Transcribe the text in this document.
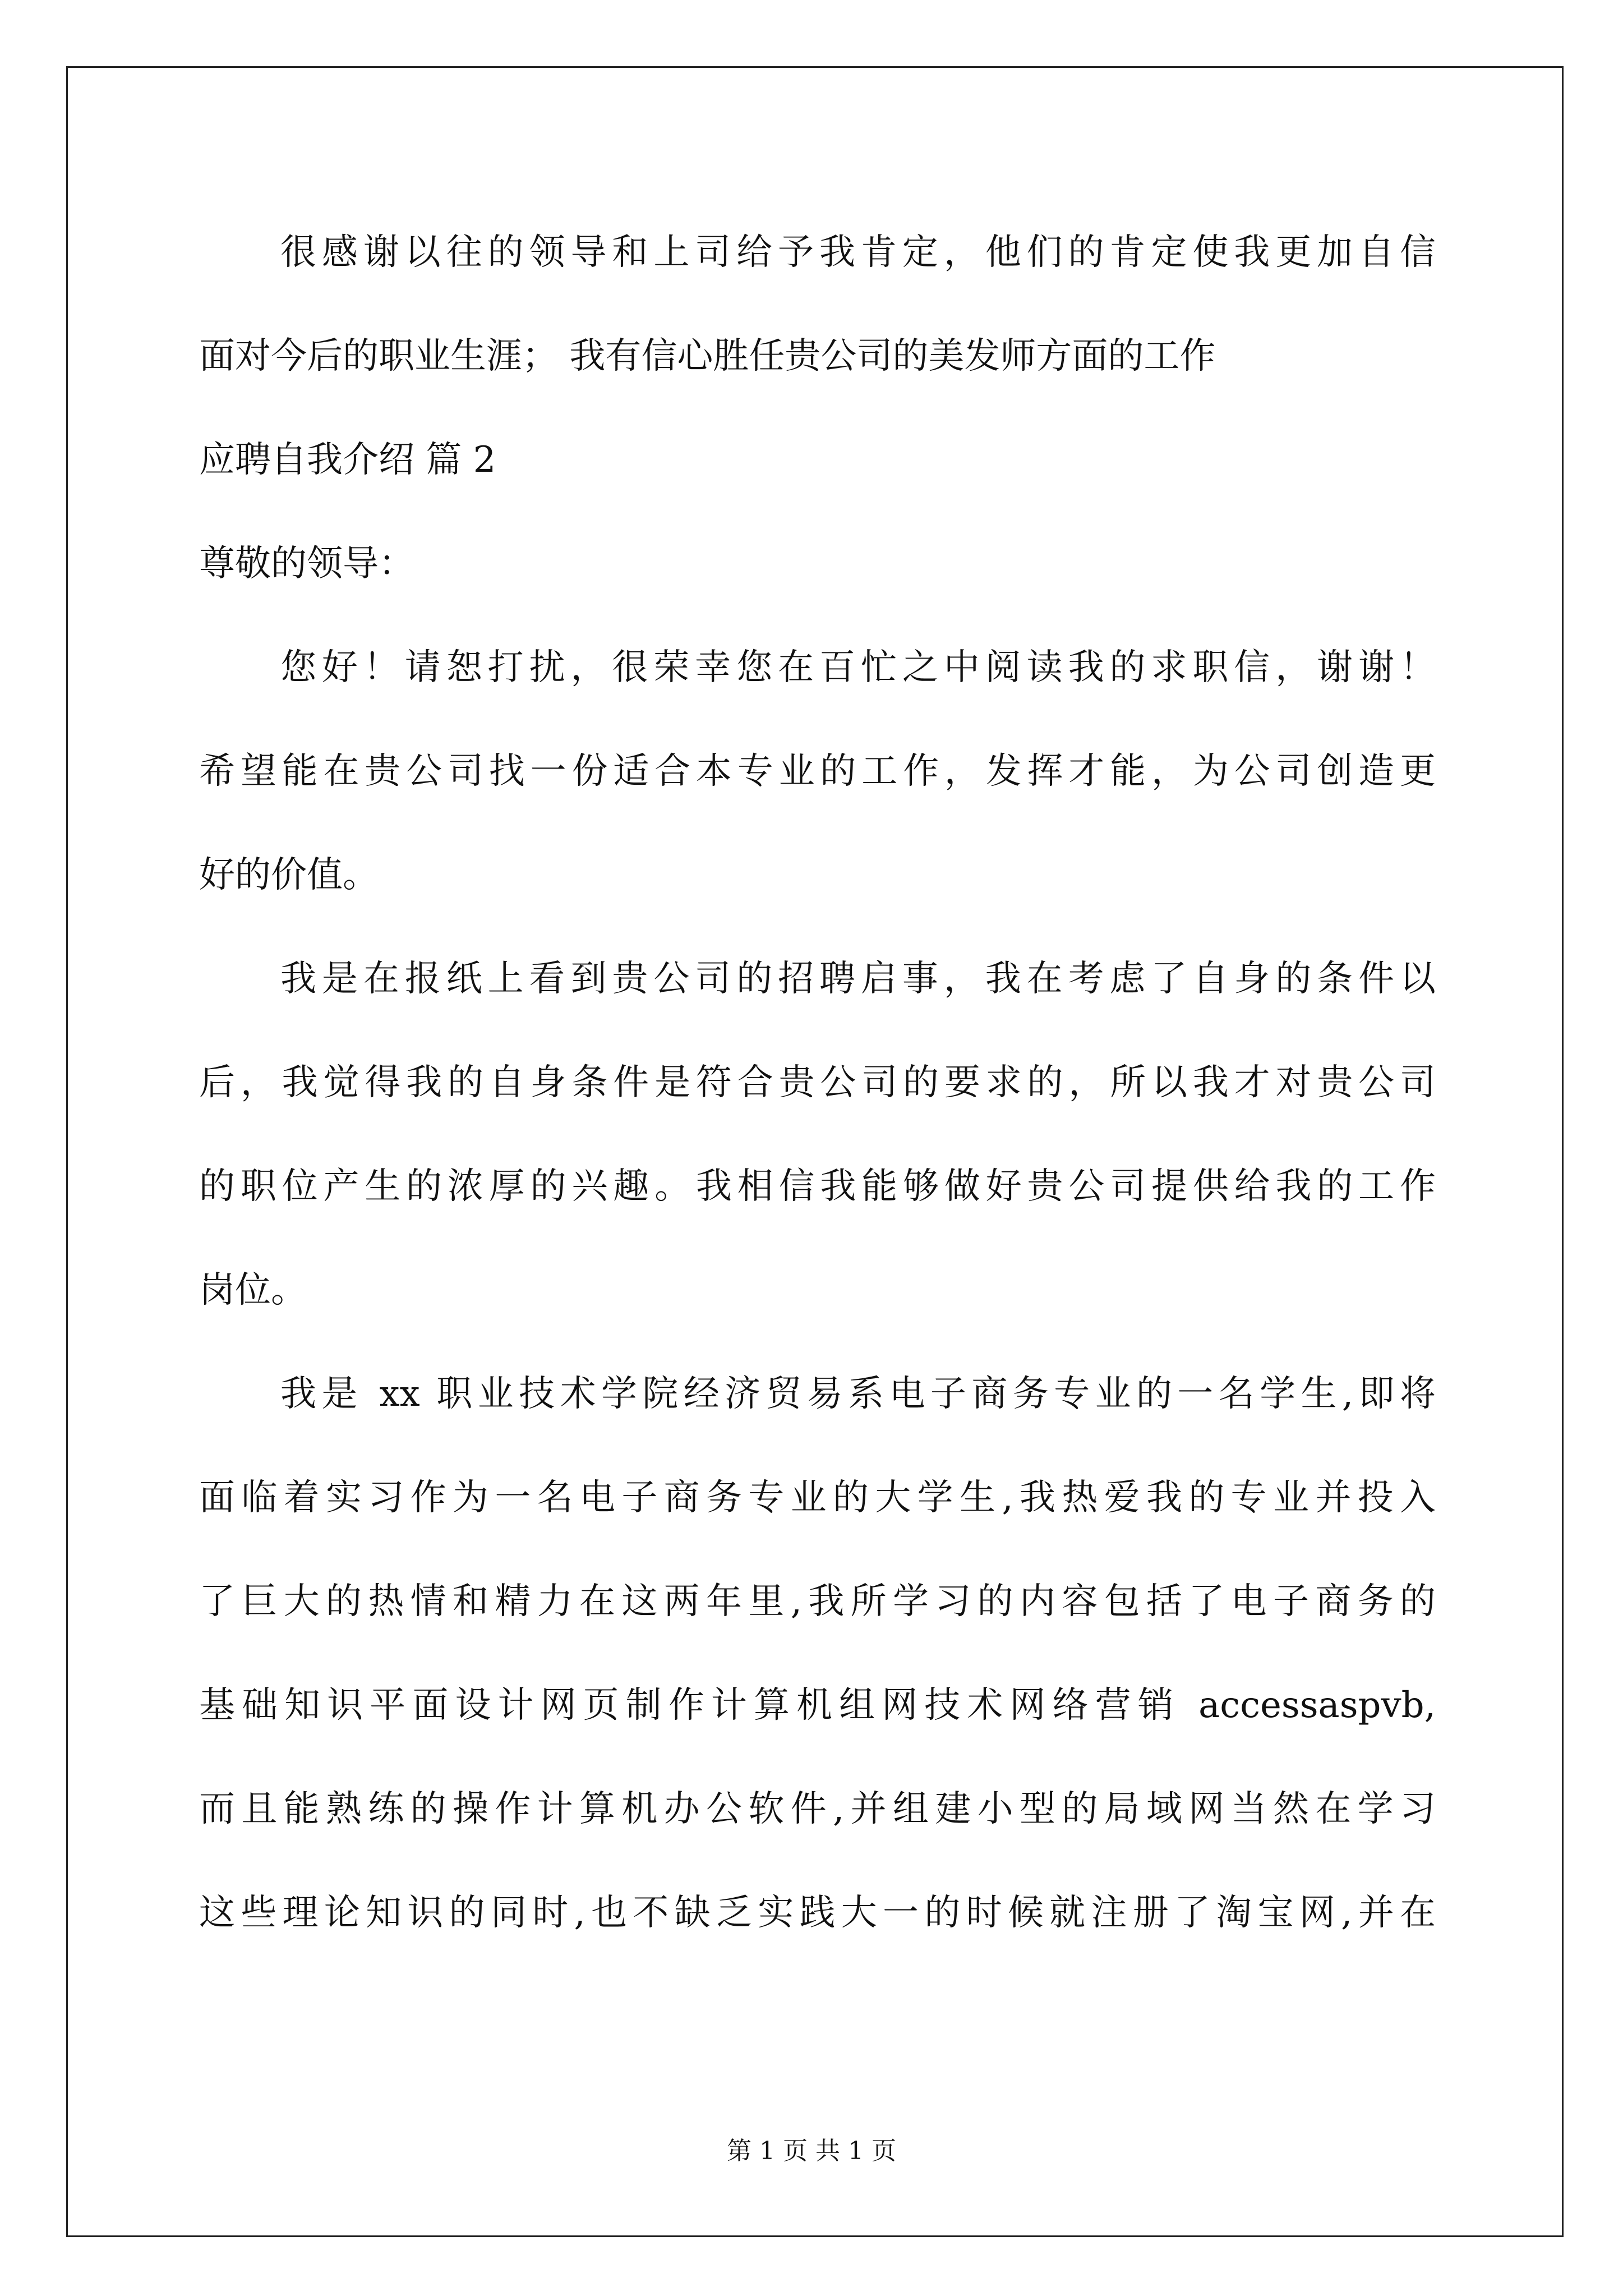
很感谢以往的领导和上司给予我肯定，他们的肯定使我更加自信
面对今后的职业生涯； 我有信心胜任贵公司的美发师方面的工作
应聘自我介绍 篇 2
尊敬的领导：
您好！请恕打扰，很荣幸您在百忙之中阅读我的求职信，谢谢！
希望能在贵公司找一份适合本专业的工作，发挥才能，为公司创造更
好的价值。
我是在报纸上看到贵公司的招聘启事，我在考虑了自身的条件以
后，我觉得我的自身条件是符合贵公司的要求的，所以我才对贵公司
的职位产生的浓厚的兴趣。我相信我能够做好贵公司提供给我的工作
岗位。
我是 xx 职业技术学院经济贸易系电子商务专业的一名学生,即将
面临着实习作为一名电子商务专业的大学生,我热爱我的专业并投入
了巨大的热情和精力在这两年里,我所学习的内容包括了电子商务的
基础知识平面设计网页制作计算机组网技术网络营销 accessaspvb,
而且能熟练的操作计算机办公软件,并组建小型的局域网当然在学习
这些理论知识的同时,也不缺乏实践大一的时候就注册了淘宝网,并在
第 1 页 共 1 页
